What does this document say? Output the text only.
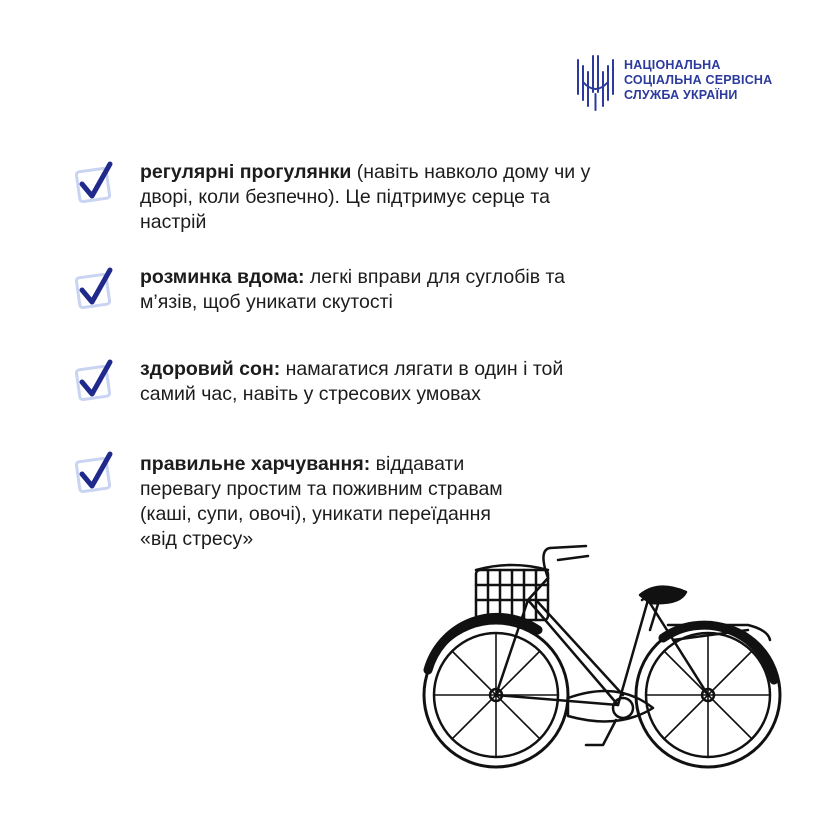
НАЦІОНАЛЬНА
СОЦІАЛЬНА СЕРВІСНА
СЛУЖБА УКРАЇНИ
регулярні прогулянки (навіть навколо дому чи у дворі, коли безпечно). Це підтримує серце та настрій
розминка вдома: легкі вправи для суглобів та м’язів, щоб уникати скутості
здоровий сон: намагатися лягати в один і той самий час, навіть у стресових умовах
правильне харчування: віддавати перевагу простим та поживним стравам (каші, супи, овочі), уникати переїдання «від стресу»
